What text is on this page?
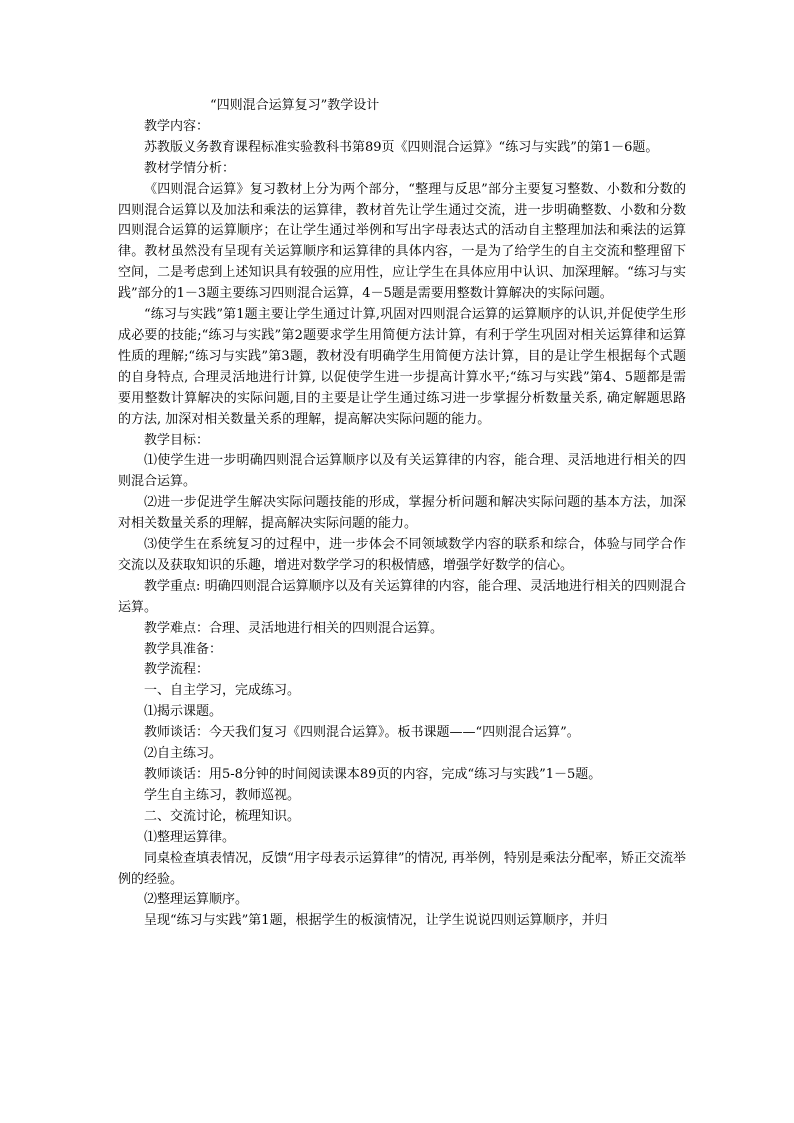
“四则混合运算复习”教学设计

教学内容：

苏教版义务教育课程标准实验教科书第89页《四则混合运算》“练习与实践”的第1－6题。

教材学情分析：

《四则混合运算》复习教材上分为两个部分，“整理与反思”部分主要复习整数、小数和分数的四则混合运算以及加法和乘法的运算律，教材首先让学生通过交流，进一步明确整数、小数和分数四则混合运算的运算顺序；在让学生通过举例和写出字母表达式的活动自主整理加法和乘法的运算律。教材虽然没有呈现有关运算顺序和运算律的具体内容，一是为了给学生的自主交流和整理留下空间，二是考虑到上述知识具有较强的应用性，应让学生在具体应用中认识、加深理解。“练习与实践”部分的1－3题主要练习四则混合运算，4－5题是需要用整数计算解决的实际问题。

“练习与实践”第1题主要让学生通过计算,巩固对四则混合运算的运算顺序的认识,并促使学生形成必要的技能;“练习与实践”第2题要求学生用简便方法计算，有利于学生巩固对相关运算律和运算性质的理解;“练习与实践”第3题，教材没有明确学生用简便方法计算，目的是让学生根据每个式题的自身特点, 合理灵活地进行计算, 以促使学生进一步提高计算水平;“练习与实践”第4、5题都是需要用整数计算解决的实际问题,目的主要是让学生通过练习进一步掌握分析数量关系, 确定解题思路的方法, 加深对相关数量关系的理解，提高解决实际问题的能力。

教学目标：

⑴使学生进一步明确四则混合运算顺序以及有关运算律的内容，能合理、灵活地进行相关的四则混合运算。

⑵进一步促进学生解决实际问题技能的形成，掌握分析问题和解决实际问题的基本方法，加深对相关数量关系的理解，提高解决实际问题的能力。

⑶使学生在系统复习的过程中，进一步体会不同领域数学内容的联系和综合，体验与同学合作交流以及获取知识的乐趣，增进对数学学习的积极情感，增强学好数学的信心。

教学重点: 明确四则混合运算顺序以及有关运算律的内容，能合理、灵活地进行相关的四则混合运算。

教学难点：合理、灵活地进行相关的四则混合运算。

教学具准备：

教学流程：

一、自主学习，完成练习。

⑴揭示课题。

教师谈话：今天我们复习《四则混合运算》。板书课题——“四则混合运算”。

⑵自主练习。

教师谈话：用5-8分钟的时间阅读课本89页的内容，完成“练习与实践”1－5题。

学生自主练习，教师巡视。

二、交流讨论，梳理知识。

⑴整理运算律。

同桌检查填表情况，反馈“用字母表示运算律”的情况, 再举例，特别是乘法分配率，矫正交流举例的经验。

⑵整理运算顺序。

呈现“练习与实践”第1题，根据学生的板演情况，让学生说说四则运算顺序，并归
